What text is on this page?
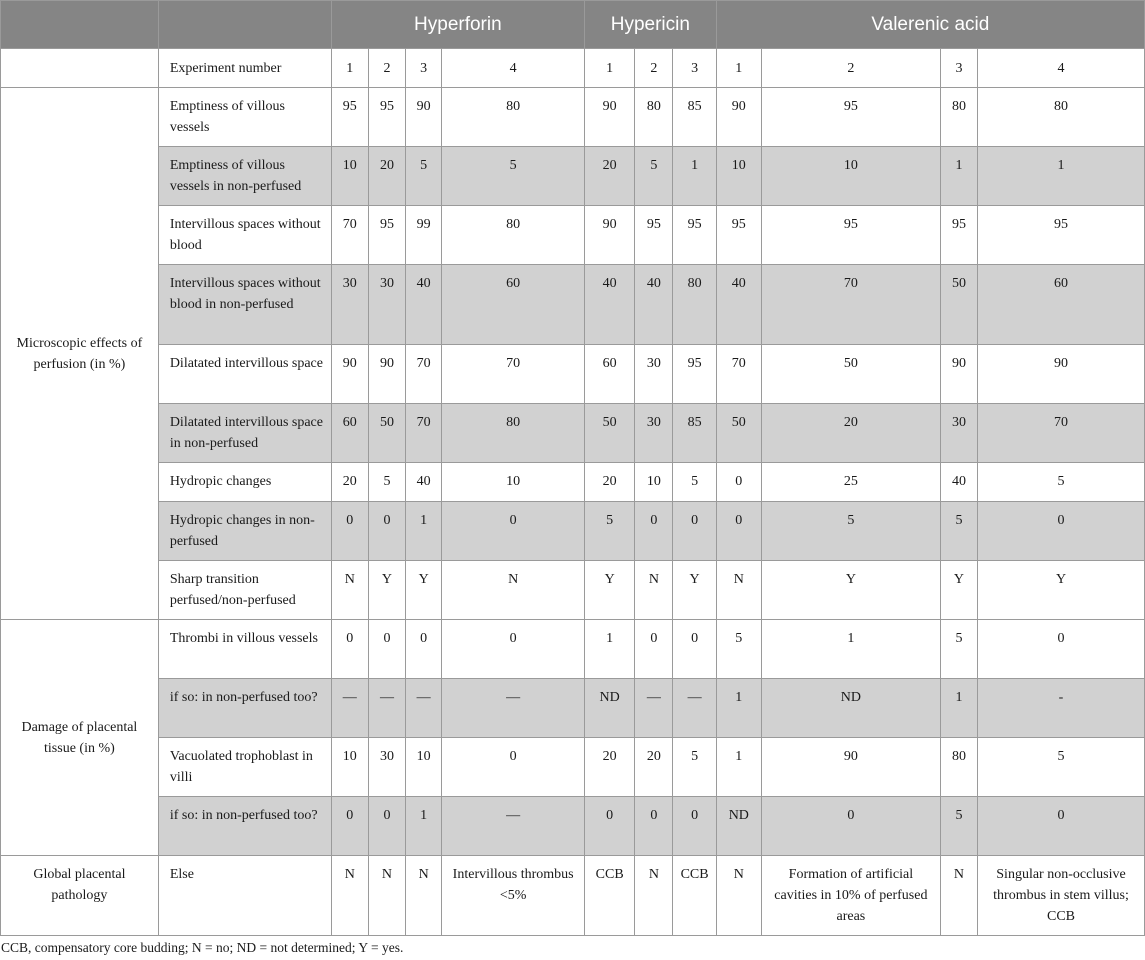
		Hyperforin				Hypericin			Valerenic acid			
	Experiment number	1	2	3	4	1	2	3	1	2	3	4
Microscopic effects of perfusion (in %)	Emptiness of villous vessels	95	95	90	80	90	80	85	90	95	80	80
	Emptiness of villous vessels in non-perfused	10	20	5	5	20	5	1	10	10	1	1
	Intervillous spaces without blood	70	95	99	80	90	95	95	95	95	95	95
	Intervillous spaces without blood in non-perfused	30	30	40	60	40	40	80	40	70	50	60
	Dilatated intervillous space	90	90	70	70	60	30	95	70	50	90	90
	Dilatated intervillous space in non-perfused	60	50	70	80	50	30	85	50	20	30	70
	Hydropic changes	20	5	40	10	20	10	5	0	25	40	5
	Hydropic changes in non-perfused	0	0	1	0	5	0	0	0	5	5	0
	Sharp transition perfused/non-perfused	N	Y	Y	N	Y	N	Y	N	Y	Y	Y
Damage of placental tissue (in %)	Thrombi in villous vessels	0	0	0	0	1	0	0	5	1	5	0
	if so: in non-perfused too?	—	—	—	—	ND	—	—	1	ND	1	-
	Vacuolated trophoblast in villi	10	30	10	0	20	20	5	1	90	80	5
	if so: in non-perfused too?	0	0	1	—	0	0	0	ND	0	5	0
Global placental pathology	Else	N	N	N	Intervillous thrombus <5%	CCB	N	CCB	N	Formation of artificial cavities in 10% of perfused areas	N	Singular non-occlusive thrombus in stem villus; CCB
CCB, compensatory core budding; N = no; ND = not determined; Y = yes.
